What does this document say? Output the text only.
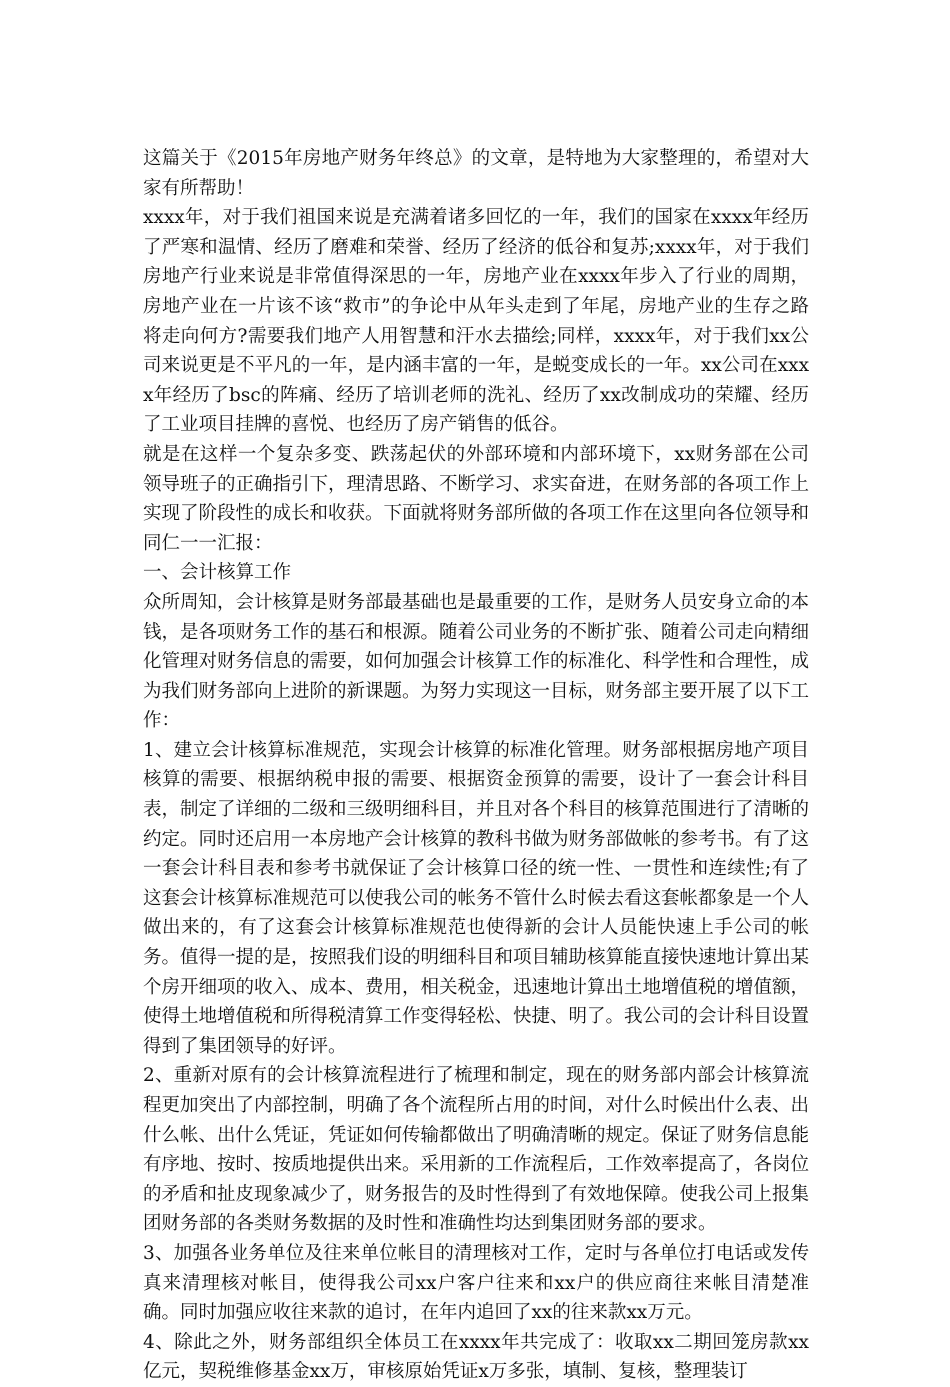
这篇关于《2015年房地产财务年终总》的文章，是特地为大家整理的，希望对大家有所帮助！

xxxx年，对于我们祖国来说是充满着诸多回忆的一年，我们的国家在xxxx年经历了严寒和温情、经历了磨难和荣誉、经历了经济的低谷和复苏;xxxx年，对于我们房地产行业来说是非常值得深思的一年，房地产业在xxxx年步入了行业的周期，房地产业在一片该不该“救市”的争论中从年头走到了年尾，房地产业的生存之路将走向何方?需要我们地产人用智慧和汗水去描绘;同样，xxxx年，对于我们xx公司来说更是不平凡的一年，是内涵丰富的一年，是蜕变成长的一年。xx公司在xxxx年经历了bsc的阵痛、经历了培训老师的洗礼、经历了xx改制成功的荣耀、经历了工业项目挂牌的喜悦、也经历了房产销售的低谷。

就是在这样一个复杂多变、跌荡起伏的外部环境和内部环境下，xx财务部在公司领导班子的正确指引下，理清思路、不断学习、求实奋进，在财务部的各项工作上实现了阶段性的成长和收获。下面就将财务部所做的各项工作在这里向各位领导和同仁一一汇报：

一、会计核算工作

众所周知，会计核算是财务部最基础也是最重要的工作，是财务人员安身立命的本钱，是各项财务工作的基石和根源。随着公司业务的不断扩张、随着公司走向精细化管理对财务信息的需要，如何加强会计核算工作的标准化、科学性和合理性，成为我们财务部向上进阶的新课题。为努力实现这一目标，财务部主要开展了以下工作：

1、建立会计核算标准规范，实现会计核算的标准化管理。财务部根据房地产项目核算的需要、根据纳税申报的需要、根据资金预算的需要，设计了一套会计科目表，制定了详细的二级和三级明细科目，并且对各个科目的核算范围进行了清晰的约定。同时还启用一本房地产会计核算的教科书做为财务部做帐的参考书。有了这一套会计科目表和参考书就保证了会计核算口径的统一性、一贯性和连续性;有了这套会计核算标准规范可以使我公司的帐务不管什么时候去看这套帐都象是一个人做出来的，有了这套会计核算标准规范也使得新的会计人员能快速上手公司的帐务。值得一提的是，按照我们设的明细科目和项目辅助核算能直接快速地计算出某个房开细项的收入、成本、费用，相关税金，迅速地计算出土地增值税的增值额，使得土地增值税和所得税清算工作变得轻松、快捷、明了。我公司的会计科目设置得到了集团领导的好评。

2、重新对原有的会计核算流程进行了梳理和制定，现在的财务部内部会计核算流程更加突出了内部控制，明确了各个流程所占用的时间，对什么时候出什么表、出什么帐、出什么凭证，凭证如何传输都做出了明确清晰的规定。保证了财务信息能有序地、按时、按质地提供出来。采用新的工作流程后，工作效率提高了，各岗位的矛盾和扯皮现象减少了，财务报告的及时性得到了有效地保障。使我公司上报集团财务部的各类财务数据的及时性和准确性均达到集团财务部的要求。

3、加强各业务单位及往来单位帐目的清理核对工作，定时与各单位打电话或发传真来清理核对帐目，使得我公司xx户客户往来和xx户的供应商往来帐目清楚准确。同时加强应收往来款的追讨，在年内追回了xx的往来款xx万元。

4、除此之外，财务部组织全体员工在xxxx年共完成了：收取xx二期回笼房款xx亿元，契税维修基金xx万，审核原始凭证x万多张，填制、复核，整理装订
